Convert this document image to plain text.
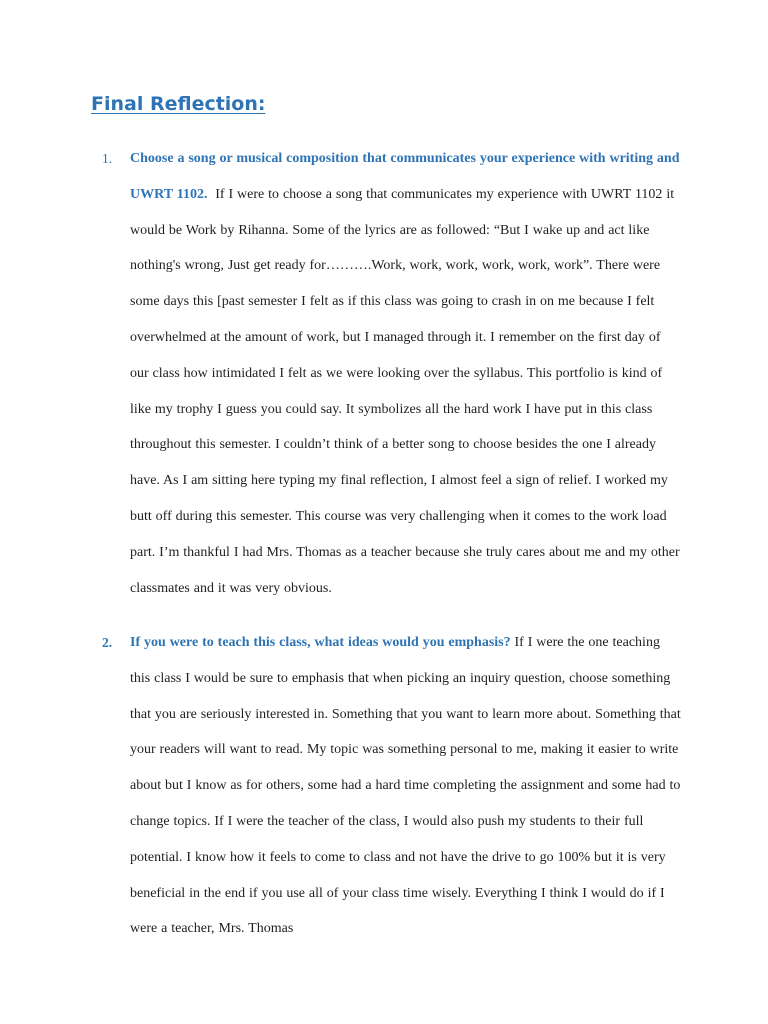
Final Reflection:
1. Choose a song or musical composition that communicates your experience with writing and UWRT 1102. If I were to choose a song that communicates my experience with UWRT 1102 it would be Work by Rihanna. Some of the lyrics are as followed: “But I wake up and act like nothing's wrong, Just get ready for……….Work, work, work, work, work, work”. There were some days this [past semester I felt as if this class was going to crash in on me because I felt overwhelmed at the amount of work, but I managed through it. I remember on the first day of our class how intimidated I felt as we were looking over the syllabus. This portfolio is kind of like my trophy I guess you could say. It symbolizes all the hard work I have put in this class throughout this semester. I couldn’t think of a better song to choose besides the one I already have. As I am sitting here typing my final reflection, I almost feel a sign of relief. I worked my butt off during this semester. This course was very challenging when it comes to the work load part. I’m thankful I had Mrs. Thomas as a teacher because she truly cares about me and my other classmates and it was very obvious.

2. If you were to teach this class, what ideas would you emphasis? If I were the one teaching this class I would be sure to emphasis that when picking an inquiry question, choose something that you are seriously interested in. Something that you want to learn more about. Something that your readers will want to read. My topic was something personal to me, making it easier to write about but I know as for others, some had a hard time completing the assignment and some had to change topics. If I were the teacher of the class, I would also push my students to their full potential. I know how it feels to come to class and not have the drive to go 100% but it is very beneficial in the end if you use all of your class time wisely. Everything I think I would do if I were a teacher, Mrs. Thomas
